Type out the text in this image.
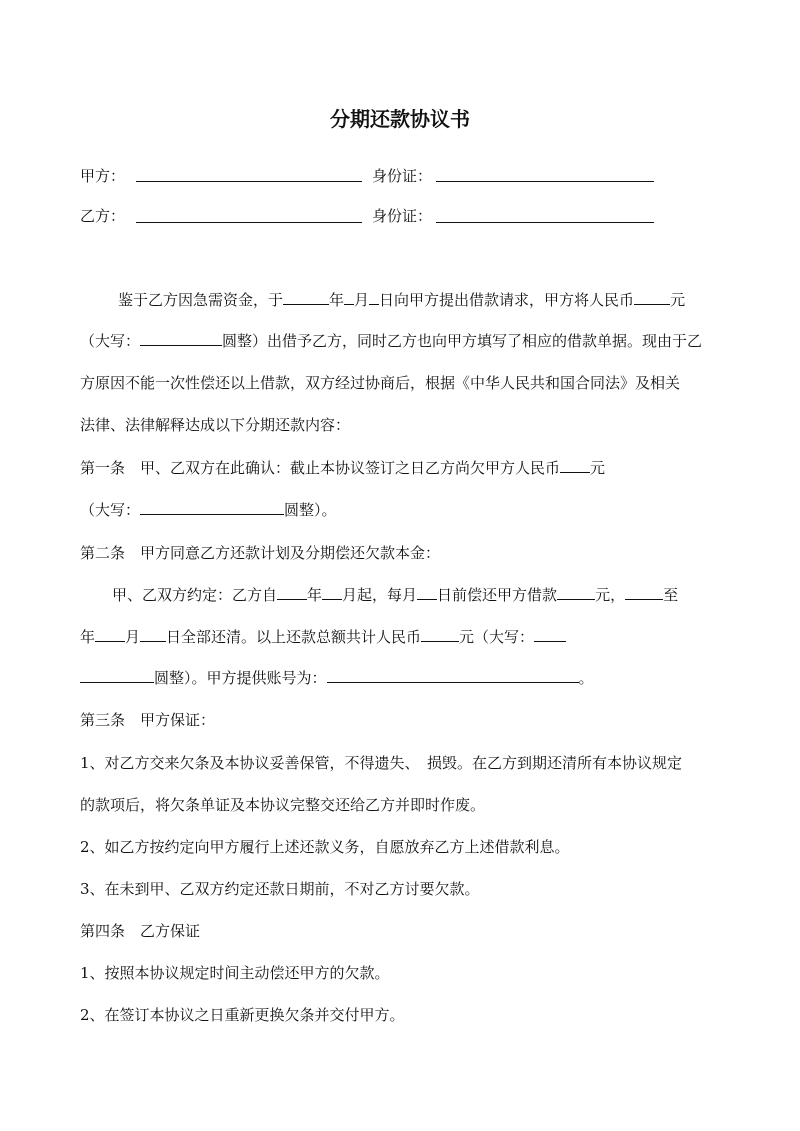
分期还款协议书
甲方：	身份证：
乙方：	身份证：
鉴于乙方因急需资金，于	年 月 日向甲方提出借款请求，甲方将人民币 元
（大写：	圆整）出借予乙方，同时乙方也向甲方填写了相应的借款单据。现由于乙
方原因不能一次性偿还以上借款，双方经过协商后，根据《中华人民共和国合同法》及相关
法律、法律解释达成以下分期还款内容：
第一条　甲、乙双方在此确认：截止本协议签订之日乙方尚欠甲方人民币 元
（大写：	圆整）。
第二条　甲方同意乙方还款计划及分期偿还欠款本金：
甲、乙双方约定：乙方自 年 月起，每月 日前偿还甲方借款	元，	至
年 月 日全部还清。以上还款总额共计人民币	元（大写：
圆整）。甲方提供账号为：	。
第三条　甲方保证：
1、对乙方交来欠条及本协议妥善保管，不得遗失、　损毁。在乙方到期还清所有本协议规定
的款项后，将欠条单证及本协议完整交还给乙方并即时作废。
2、如乙方按约定向甲方履行上述还款义务，自愿放弃乙方上述借款利息。
3、在未到甲、乙双方约定还款日期前，不对乙方讨要欠款。
第四条　乙方保证
1、按照本协议规定时间主动偿还甲方的欠款。
2、在签订本协议之日重新更换欠条并交付甲方。
